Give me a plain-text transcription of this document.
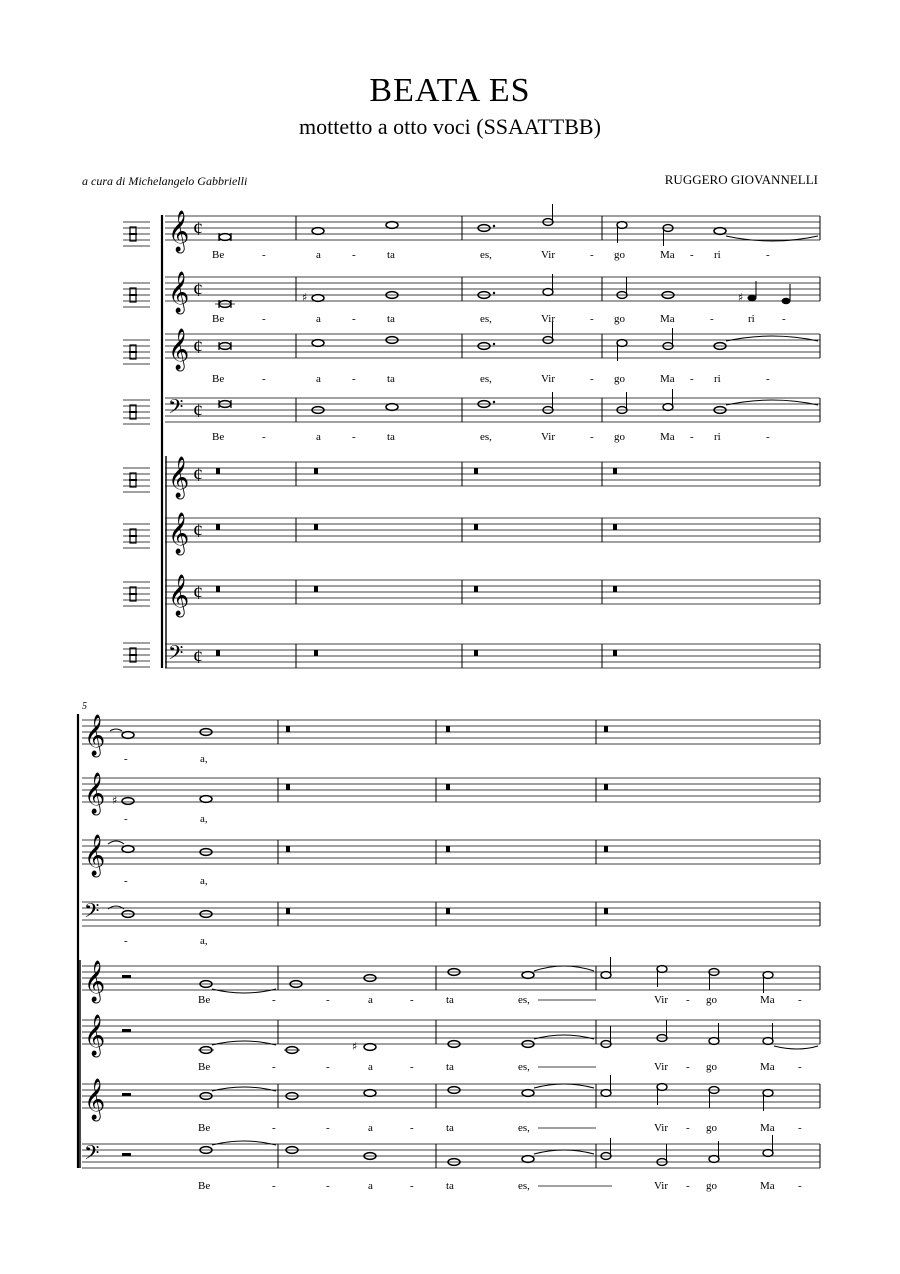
BEATA ES
mottetto a otto voci (SSAATTBB)
a cura di Michelangelo Gabbrielli	RUGGERO GIOVANNELLI
𝄞 ¢
Be	-	a	-	ta	es,	Vir	- go	Ma - ri	-
𝄞 ¢	♯	♯
Be	-	a	-	ta	es,	Vir	- go	Ma	-	ri -
𝄞 ¢
Be	-	a	-	ta	es,	Vir	- go	Ma - ri	-
𝄢 ¢
Be	-	a	-	ta	es,	Vir	- go	Ma - ri	-
𝄞 ¢
𝄞 ¢
𝄞 ¢
𝄢 ¢
5
𝄞
-	a,
𝄞 ♯
-	a,
𝄞
-	a,
𝄢
-	a,
𝄞	Be	-	-	a	-	ta	es,	Vir - go	Ma -
𝄞	♯
Be	-	-	a	-	ta	es,	Vir - go	Ma -
𝄞
Be	-	-	a	-	ta	es,	Vir - go	Ma -
𝄢
Be	-	-	a	-	ta	es,	Vir - go	Ma -
